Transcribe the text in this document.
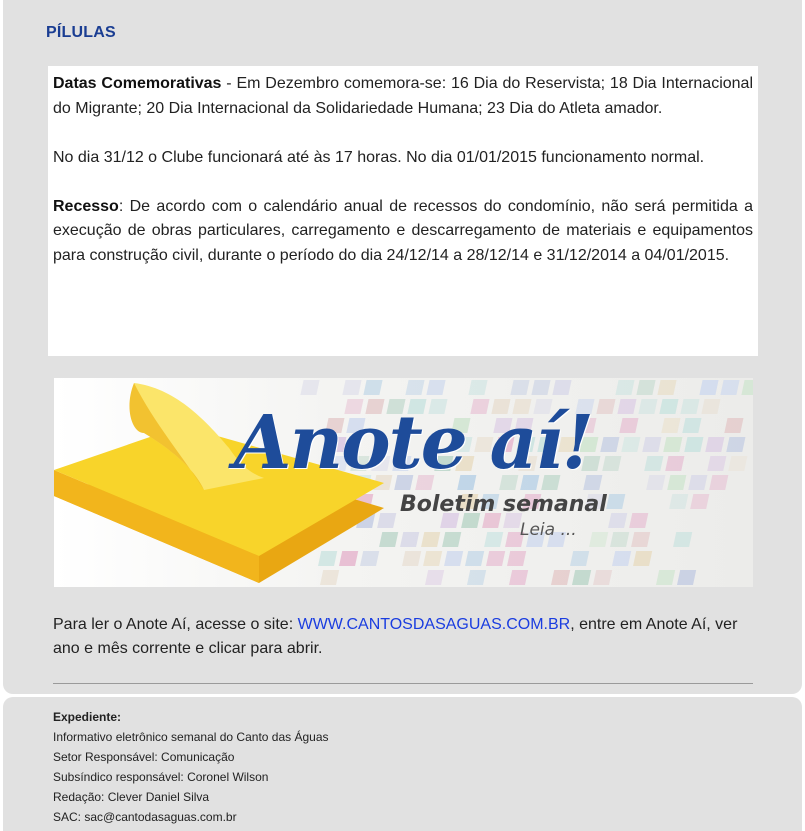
PÍLULAS

Datas Comemorativas - Em Dezembro comemora-se: 16 Dia do Reservista; 18 Dia Internacional do Migrante; 20 Dia Internacional da Solidariedade Humana; 23 Dia do Atleta amador.

No dia 31/12 o Clube funcionará até às 17 horas. No dia 01/01/2015 funcionamento normal.

Recesso: De acordo com o calendário anual de recessos do condomínio, não será permitida a execução de obras particulares, carregamento e descarregamento de materiais e equipamentos para construção civil, durante o período do dia 24/12/14 a 28/12/14 e 31/12/2014 a 04/01/2015.

Anote aí!
Boletim semanal
Leia ...
Para ler o Anote Aí, acesse o site: WWW.CANTOSDASAGUAS.COM.BR, entre em Anote Aí, ver ano e mês corrente e clicar para abrir.
Expediente:
Informativo eletrônico semanal do Canto das Águas
Setor Responsável: Comunicação
Subsíndico responsável: Coronel Wilson
Redação: Clever Daniel Silva
SAC: sac@cantodasaguas.com.br
